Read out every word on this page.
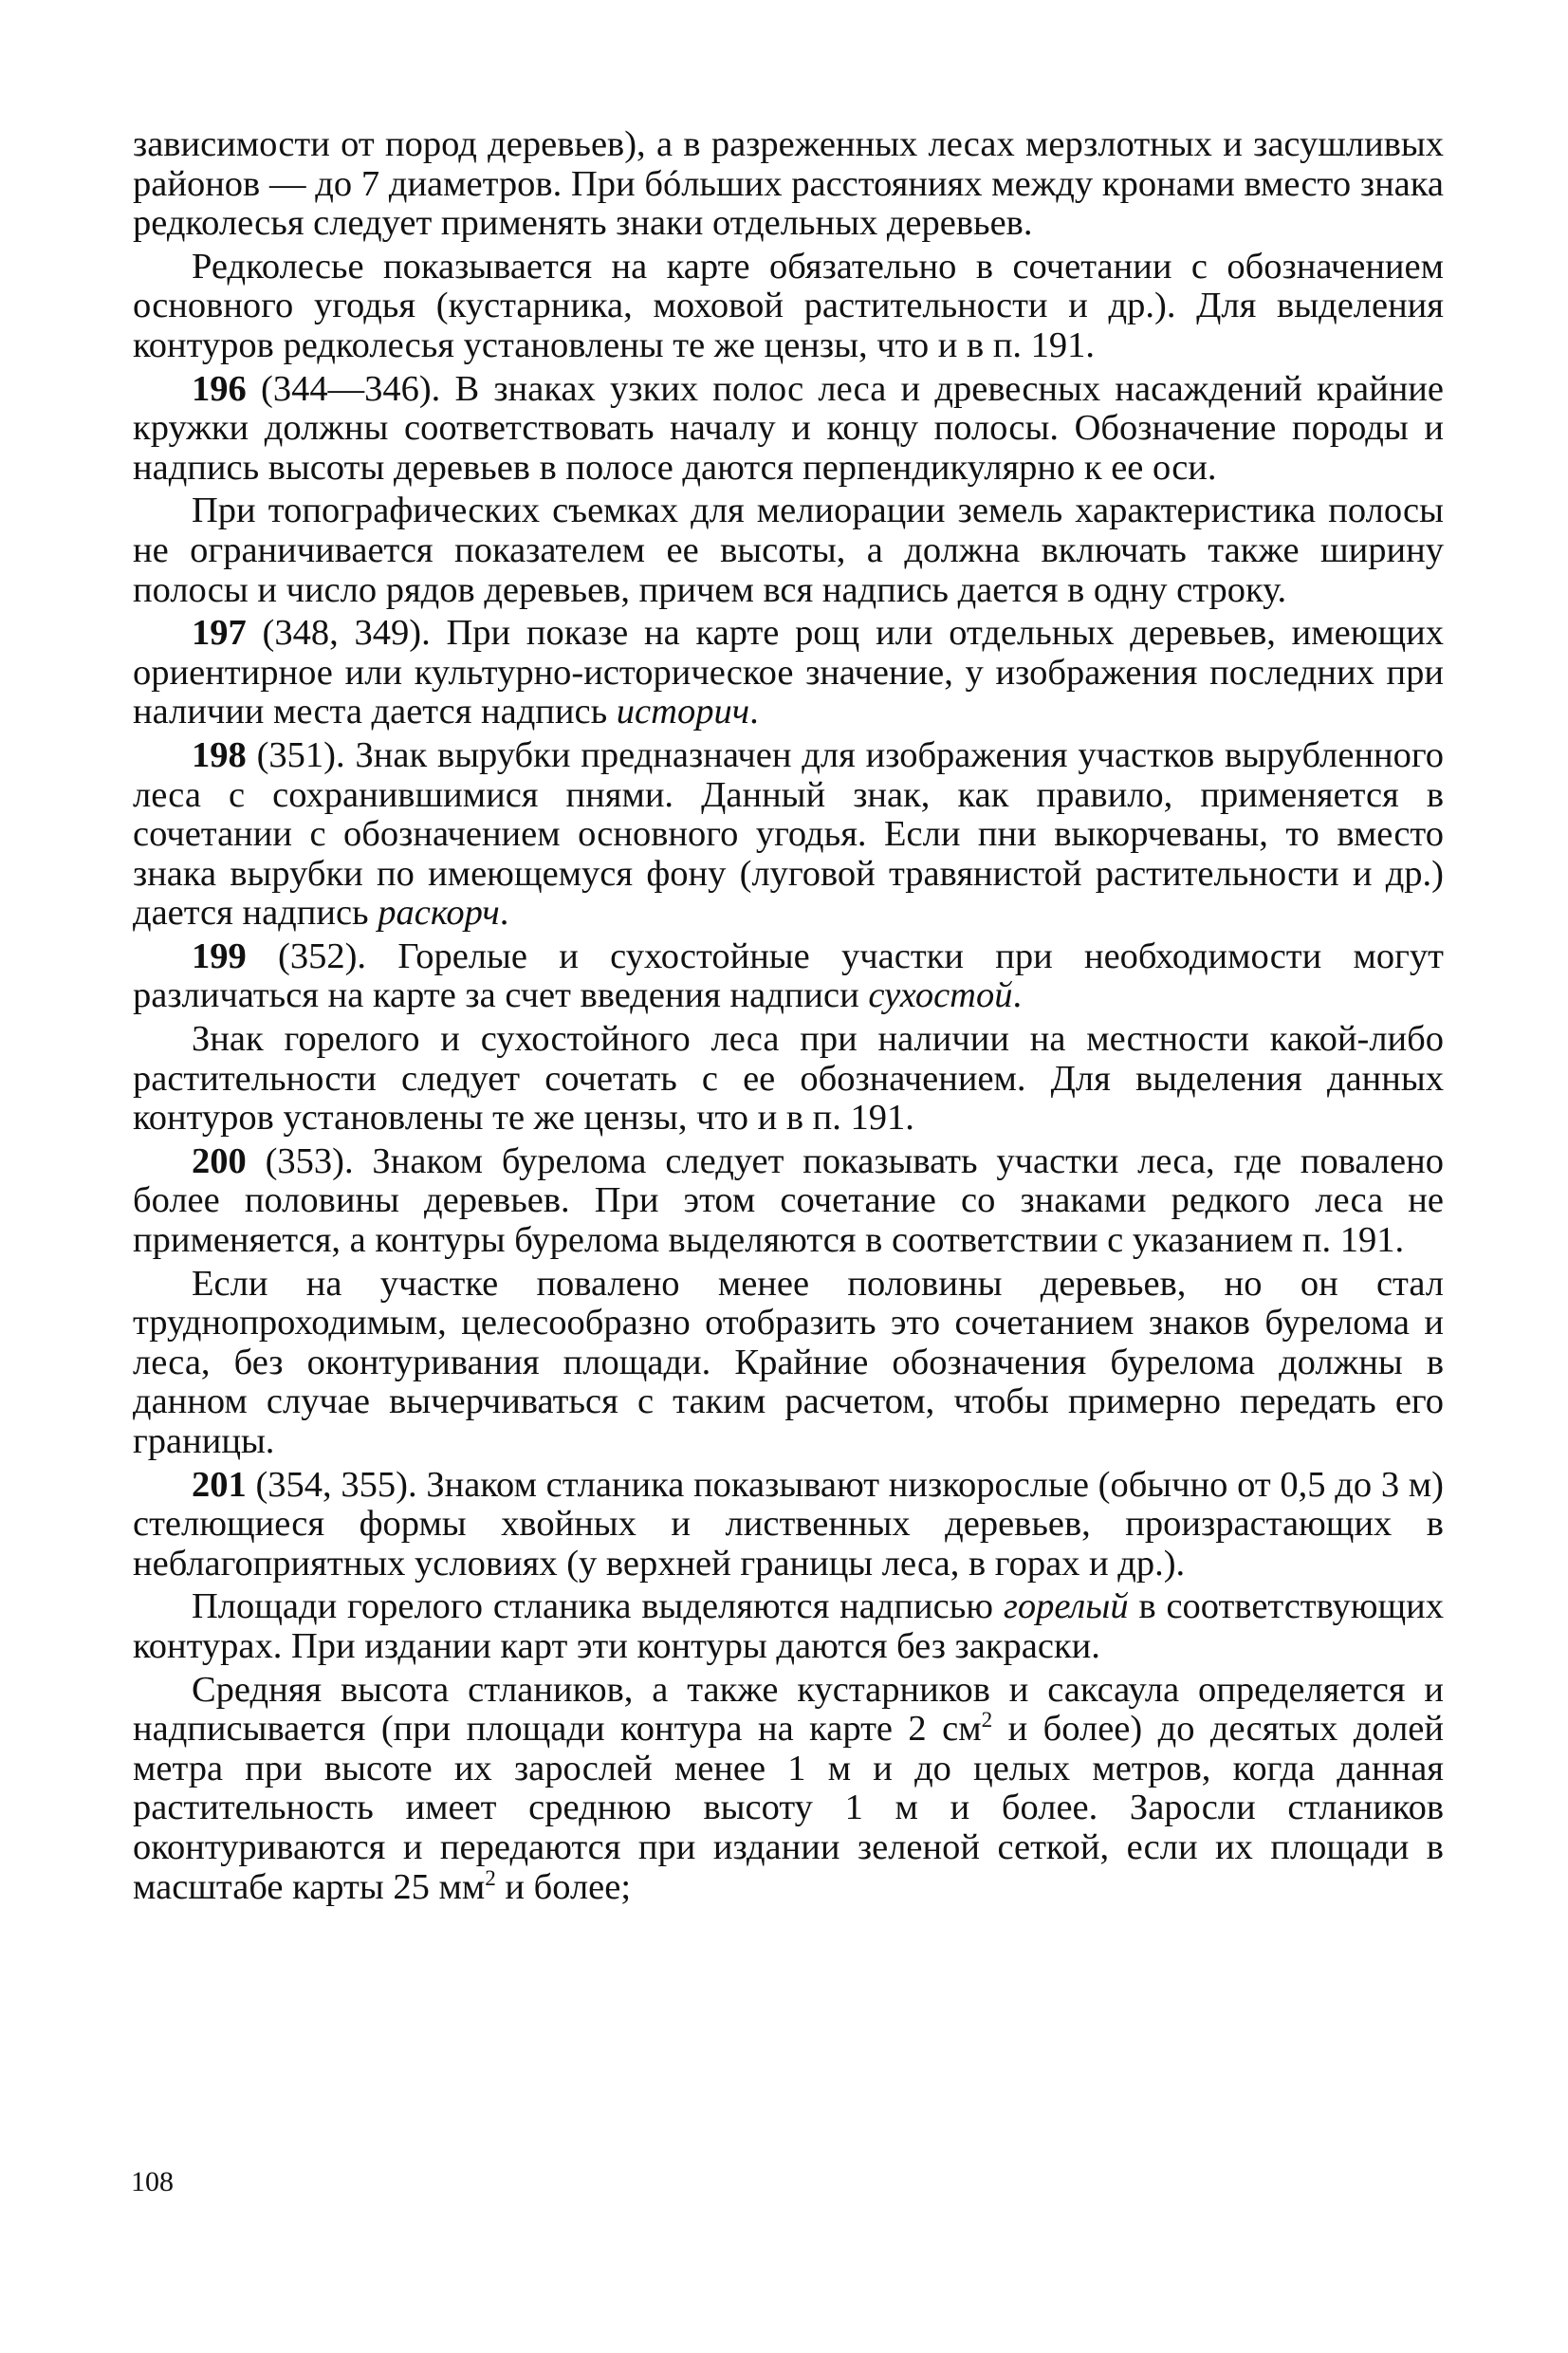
зависимости от пород деревьев), а в разреженных лесах мерзлотных и засушливых районов — до 7 диаметров. При бóльших расстояниях между кронами вместо знака редколесья следует применять знаки отдельных деревьев.

Редколесье показывается на карте обязательно в сочетании с обозначением основного угодья (кустарника, моховой растительности и др.). Для выделения контуров редколесья установлены те же цензы, что и в п. 191.

196 (344—346). В знаках узких полос леса и древесных насаждений крайние кружки должны соответствовать началу и концу полосы. Обозначение породы и надпись высоты деревьев в полосе даются перпендикулярно к ее оси.

При топографических съемках для мелиорации земель характеристика полосы не ограничивается показателем ее высоты, а должна включать также ширину полосы и число рядов деревьев, причем вся надпись дается в одну строку.

197 (348, 349). При показе на карте рощ или отдельных деревьев, имеющих ориентирное или культурно-историческое значение, у изображения последних при наличии места дается надпись историч.

198 (351). Знак вырубки предназначен для изображения участков вырубленного леса с сохранившимися пнями. Данный знак, как правило, применяется в сочетании с обозначением основного угодья. Если пни выкорчеваны, то вместо знака вырубки по имеющемуся фону (луговой травянистой растительности и др.) дается надпись раскорч.

199 (352). Горелые и сухостойные участки при необходимости могут различаться на карте за счет введения надписи сухостой.

Знак горелого и сухостойного леса при наличии на местности какой-либо растительности следует сочетать с ее обозначением. Для выделения данных контуров установлены те же цензы, что и в п. 191.

200 (353). Знаком бурелома следует показывать участки леса, где повалено более половины деревьев. При этом сочетание со знаками редкого леса не применяется, а контуры бурелома выделяются в соответствии с указанием п. 191.

Если на участке повалено менее половины деревьев, но он стал труднопроходимым, целесообразно отобразить это сочетанием знаков бурелома и леса, без оконтуривания площади. Крайние обозначения бурелома должны в данном случае вычерчиваться с таким расчетом, чтобы примерно передать его границы.

201 (354, 355). Знаком стланика показывают низкорослые (обычно от 0,5 до 3 м) стелющиеся формы хвойных и лиственных деревьев, произрастающих в неблагоприятных условиях (у верхней границы леса, в горах и др.).

Площади горелого стланика выделяются надписью горелый в соответствующих контурах. При издании карт эти контуры даются без закраски.

Средняя высота стлаников, а также кустарников и саксаула определяется и надписывается (при площади контура на карте 2 $см^2$ и более) до десятых долей метра при высоте их зарослей менее 1 м и до целых метров, когда данная растительность имеет среднюю высоту 1 м и более. Заросли стлаников оконтуриваются и передаются при издании зеленой сеткой, если их площади в масштабе карты 25 $мм^2$ и более;

108
